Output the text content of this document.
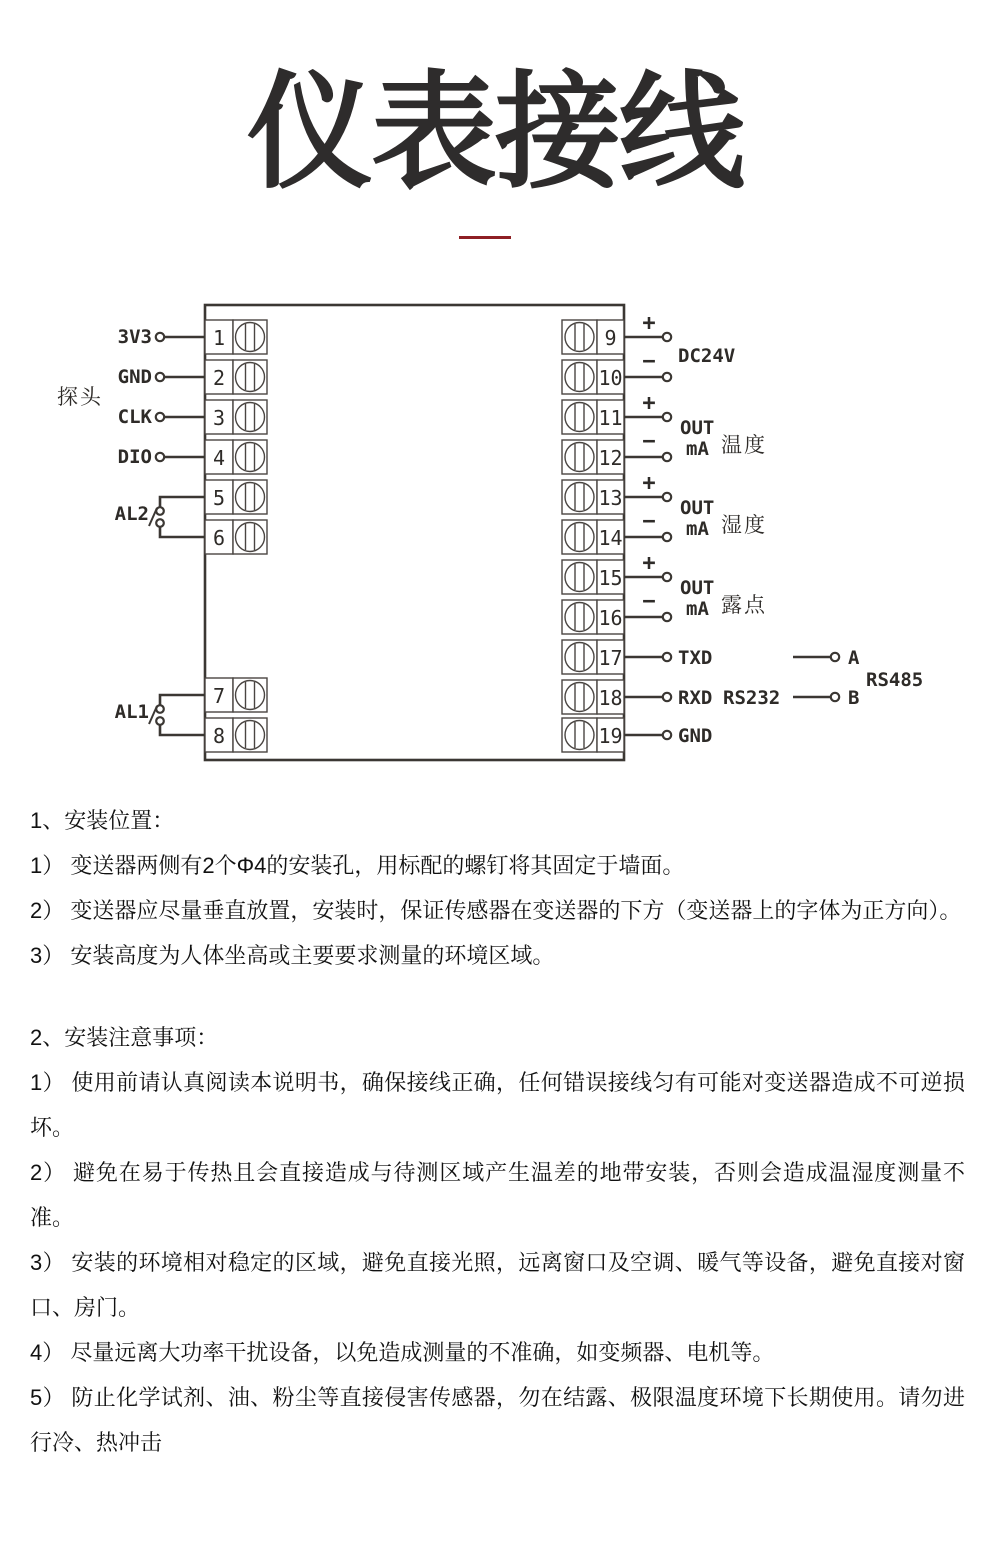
仪表接线
1
2
3
4
5
6
7
8
9
10
11
12
13
14
15
16
17
18
19
探头
3V3
GND
CLK
DIO
AL2
AL1
+
− DC24V
+
−
OUT
mA 温度
+
−
OUT
mA 湿度
+
−
OUT
mA 露点
TXD
RXD RS232
GND
A
B
RS485

1、安装位置：

1） 变送器两侧有2个Φ4的安装孔，用标配的螺钉将其固定于墙面。

2） 变送器应尽量垂直放置，安装时，保证传感器在变送器的下方（变送器上的字体为正方向）。

3） 安装高度为人体坐高或主要要求测量的环境区域。

2、安装注意事项：

1） 使用前请认真阅读本说明书，确保接线正确，任何错误接线匀有可能对变送器造成不可逆损坏。

2） 避免在易于传热且会直接造成与待测区域产生温差的地带安装，否则会造成温湿度测量不准。

3） 安装的环境相对稳定的区域，避免直接光照，远离窗口及空调、暖气等设备，避免直接对窗口、房门。

4） 尽量远离大功率干扰设备，以免造成测量的不准确，如变频器、电机等。

5） 防止化学试剂、油、粉尘等直接侵害传感器，勿在结露、极限温度环境下长期使用。请勿进行冷、热冲击
